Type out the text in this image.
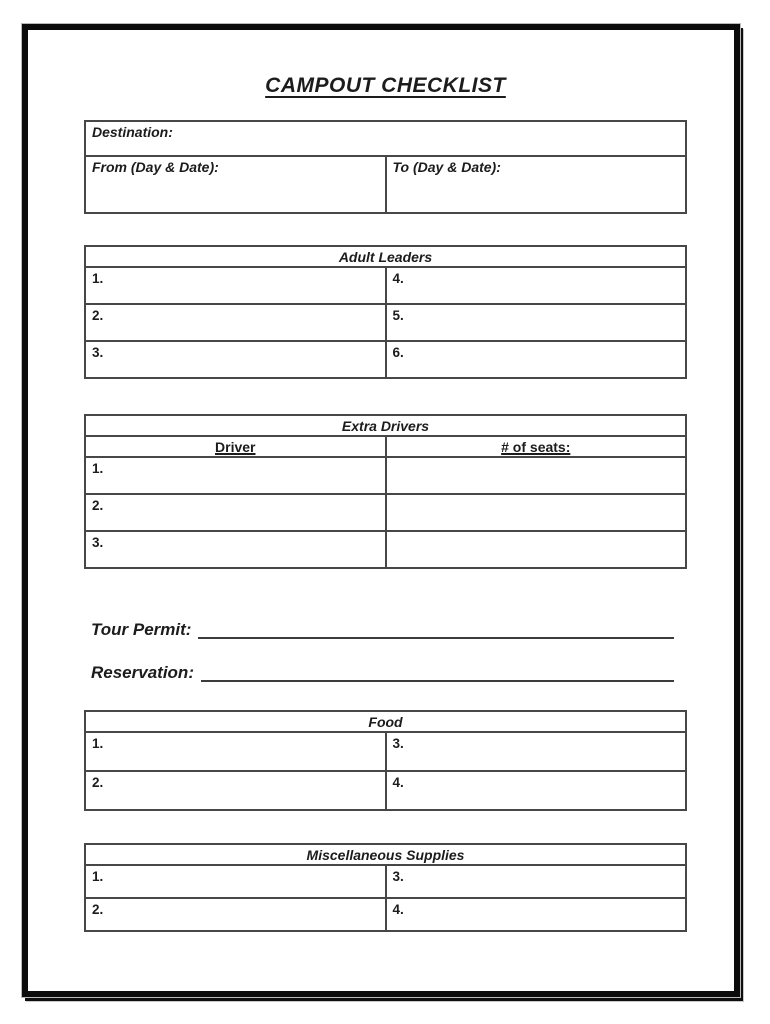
CAMPOUT CHECKLIST
Destination:
From (Day & Date):	To (Day & Date):
Adult Leaders	
1.	4.
2.	5.
3.	6.
Extra Drivers	
Driver	# of seats:
1.	
2.	
3.	
Tour Permit:
Reservation:
Food	
1.	3.
2.	4.
Miscellaneous Supplies	
1.	3.
2.	4.
